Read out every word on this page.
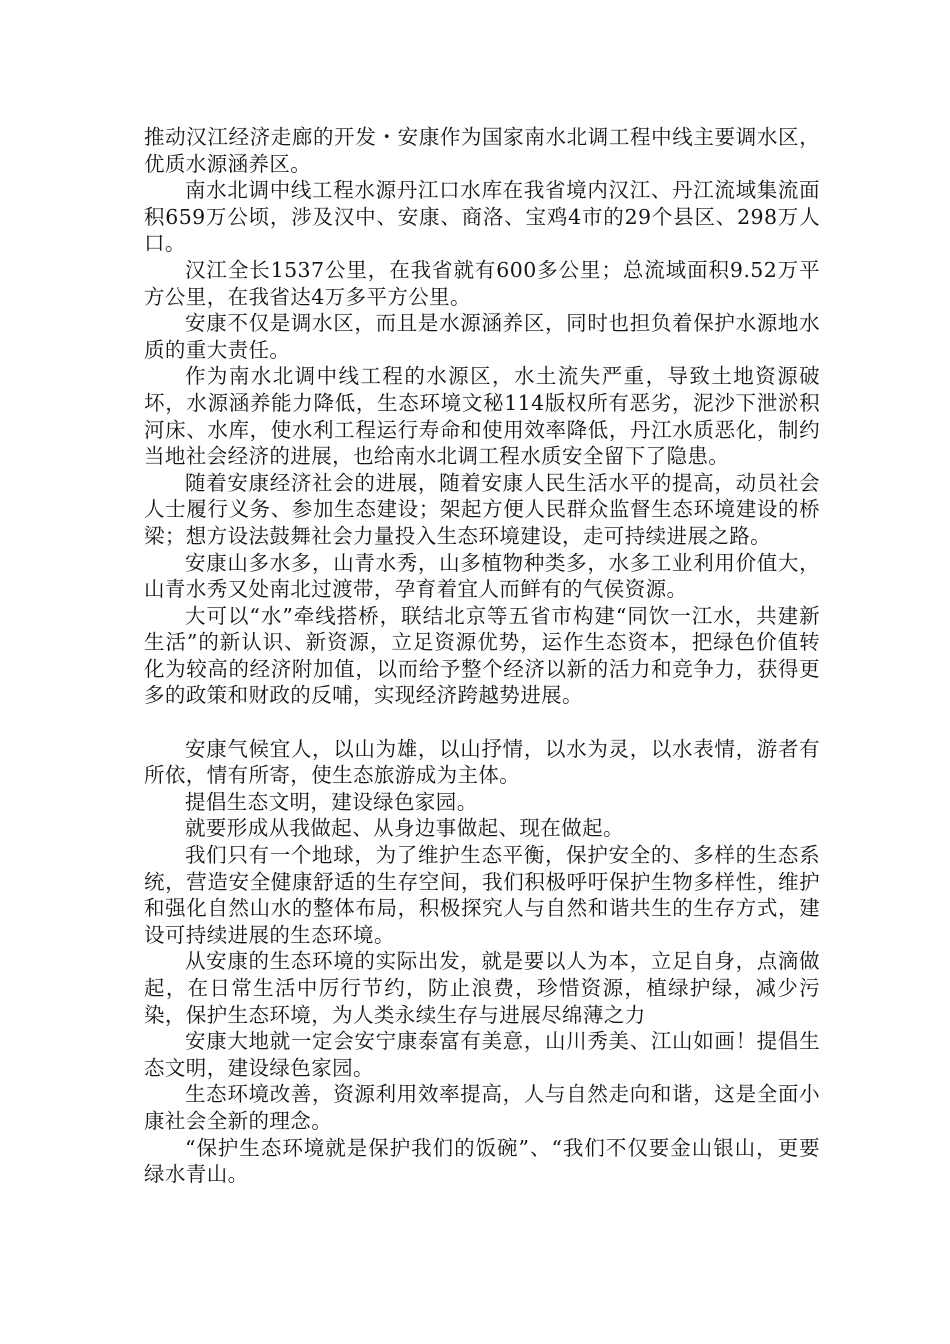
推动汉江经济走廊的开发・安康作为国家南水北调工程中线主要调水区，优质水源涵养区。

南水北调中线工程水源丹江口水库在我省境内汉江、丹江流域集流面积659万公顷，涉及汉中、安康、商洛、宝鸡4市的29个县区、298万人口。

汉江全长1537公里，在我省就有600多公里；总流域面积9.52万平方公里，在我省达4万多平方公里。

安康不仅是调水区，而且是水源涵养区，同时也担负着保护水源地水质的重大责任。

作为南水北调中线工程的水源区，水土流失严重，导致土地资源破坏，水源涵养能力降低，生态环境文秘114版权所有恶劣，泥沙下泄淤积河床、水库，使水利工程运行寿命和使用效率降低，丹江水质恶化，制约当地社会经济的进展，也给南水北调工程水质安全留下了隐患。

随着安康经济社会的进展，随着安康人民生活水平的提高，动员社会人士履行义务、参加生态建设；架起方便人民群众监督生态环境建设的桥梁；想方设法鼓舞社会力量投入生态环境建设，走可持续进展之路。

安康山多水多，山青水秀，山多植物种类多，水多工业利用价值大，山青水秀又处南北过渡带，孕育着宜人而鲜有的气侯资源。

大可以“水”牵线搭桥，联结北京等五省市构建“同饮一江水，共建新生活”的新认识、新资源，立足资源优势，运作生态资本，把绿色价值转化为较高的经济附加值，以而给予整个经济以新的活力和竞争力，获得更多的政策和财政的反哺，实现经济跨越势进展。

安康气候宜人，以山为雄，以山抒情，以水为灵，以水表情，游者有所依，情有所寄，使生态旅游成为主体。

提倡生态文明，建设绿色家园。

就要形成从我做起、从身边事做起、现在做起。

我们只有一个地球，为了维护生态平衡，保护安全的、多样的生态系统，营造安全健康舒适的生存空间，我们积极呼吁保护生物多样性，维护和强化自然山水的整体布局，积极探究人与自然和谐共生的生存方式，建设可持续进展的生态环境。

从安康的生态环境的实际出发，就是要以人为本，立足自身，点滴做起，在日常生活中厉行节约，防止浪费，珍惜资源，植绿护绿，减少污染，保护生态环境，为人类永续生存与进展尽绵薄之力

安康大地就一定会安宁康泰富有美意，山川秀美、江山如画！提倡生态文明，建设绿色家园。

生态环境改善，资源利用效率提高，人与自然走向和谐，这是全面小康社会全新的理念。

“保护生态环境就是保护我们的饭碗”、“我们不仅要金山银山，更要绿水青山。
